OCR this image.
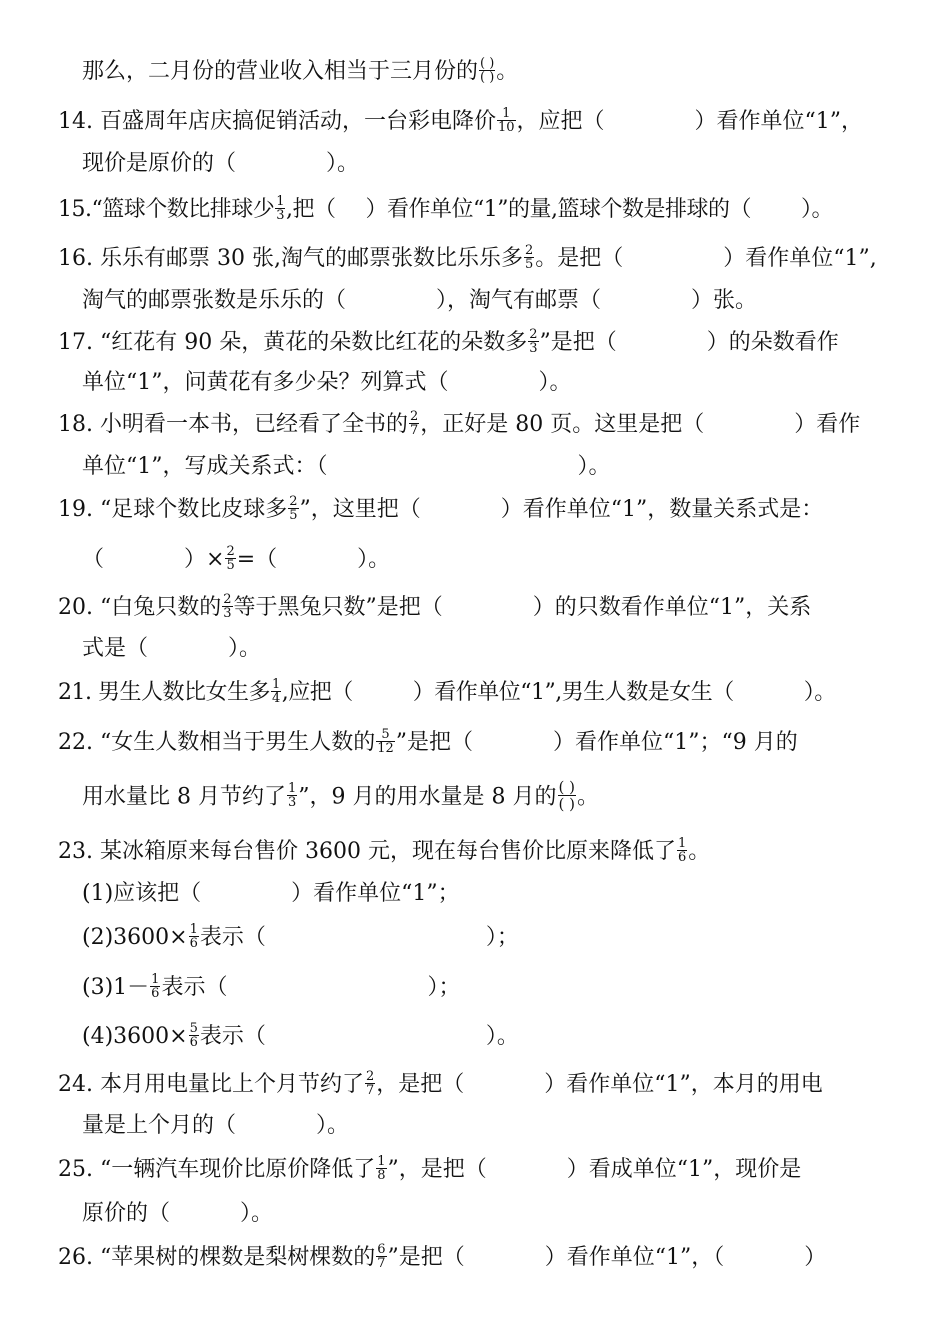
那么，二月份的营业收入相当于三月份的 $\frac{( )}{( )}$ 。
14. 百盛周年店庆搞促销活动，一台彩电降价 $\frac{1}{10}$ ，应把（	）看作单位“1”，
现价是原价的（	）。
15.“篮球个数比排球少 $\frac{1}{3}$ ,把（ ）看作单位“1”的量,篮球个数是排球的（ ）。
16. 乐乐有邮票 30 张,淘气的邮票张数比乐乐多 $\frac{2}{5}$ 。是把（	）看作单位“1”,
淘气的邮票张数是乐乐的（	），淘气有邮票（	）张。
17. “红花有 90 朵，黄花的朵数比红花的朵数多 $\frac{2}{3}$ ”是把（	）的朵数看作
单位“1”，问黄花有多少朵？列算式（	）。
18. 小明看一本书，已经看了全书的 $\frac{2}{7}$ ，正好是 80 页。这里是把（	）看作
单位“1”，写成关系式：（	）。
19. “足球个数比皮球多 $\frac{2}{5}$ ”，这里把（	）看作单位“1”，数量关系式是：
（	）× $\frac{2}{5}$ =（	）。
20. “白兔只数的 $\frac{2}{3}$ 等于黑兔只数”是把（	）的只数看作单位“1”，关系
式是（	）。
21. 男生人数比女生多 $\frac{1}{4}$ ,应把（	）看作单位“1”,男生人数是女生（	）。
22. “女生人数相当于男生人数的 $\frac{5}{12}$ ”是把（	）看作单位“1”；“9 月的
用水量比 8 月节约了 $\frac{1}{3}$ ”，9 月的用水量是 8 月的 $\frac{( )}{( )}$ 。
23. 某冰箱原来每台售价 3600 元，现在每台售价比原来降低了 $\frac{1}{6}$ 。
(1)应该把（	）看作单位“1”；
$(2)3600\times \frac{1}{6}$ 表示（	）；
$(3)1- \frac{1}{6}$ 表示（	）；
$(4)3600\times \frac{5}{6}$ 表示（	）。
24. 本月用电量比上个月节约了 $\frac{2}{7}$ ，是把（	）看作单位“1”，本月的用电
量是上个月的（	）。
25. “一辆汽车现价比原价降低了 $\frac{1}{8}$ ”，是把（	）看成单位“1”，现价是
原价的（	）。
26. “苹果树的棵数是梨树棵数的 $\frac{6}{7}$ ”是把（	）看作单位“1”，（	）
